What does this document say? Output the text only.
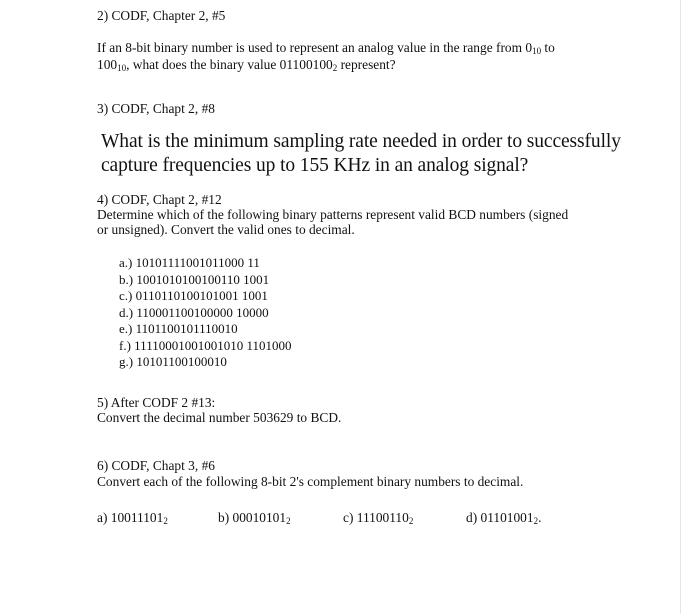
2) CODF, Chapter 2, #5
If an 8-bit binary number is used to represent an analog value in the range from $0_{10}$ to
$100_{10}$, what does the binary value $01100100_2$ represent?
3) CODF, Chapt 2, #8
What is the minimum sampling rate needed in order to successfully
capture frequencies up to 155 KHz in an analog signal?
4) CODF, Chapt 2, #12
Determine which of the following binary patterns represent valid BCD numbers (signed
or unsigned). Convert the valid ones to decimal.
a.) 10101111001011000 11
b.) 1001010100100110 1001
c.) 0110110100101001 1001
d.) 110001100100000 10000
e.) 1101100101110010
f.) 11110001001001010 1101000
g.) 10101100100010
5) After CODF 2 #13:
Convert the decimal number 503629 to BCD.
6) CODF, Chapt 3, #6
Convert each of the following 8-bit 2's complement binary numbers to decimal.
a) $10011101_2$	b) $00010101_2$	c) $11100110_2$	d) $01101001_2$.
